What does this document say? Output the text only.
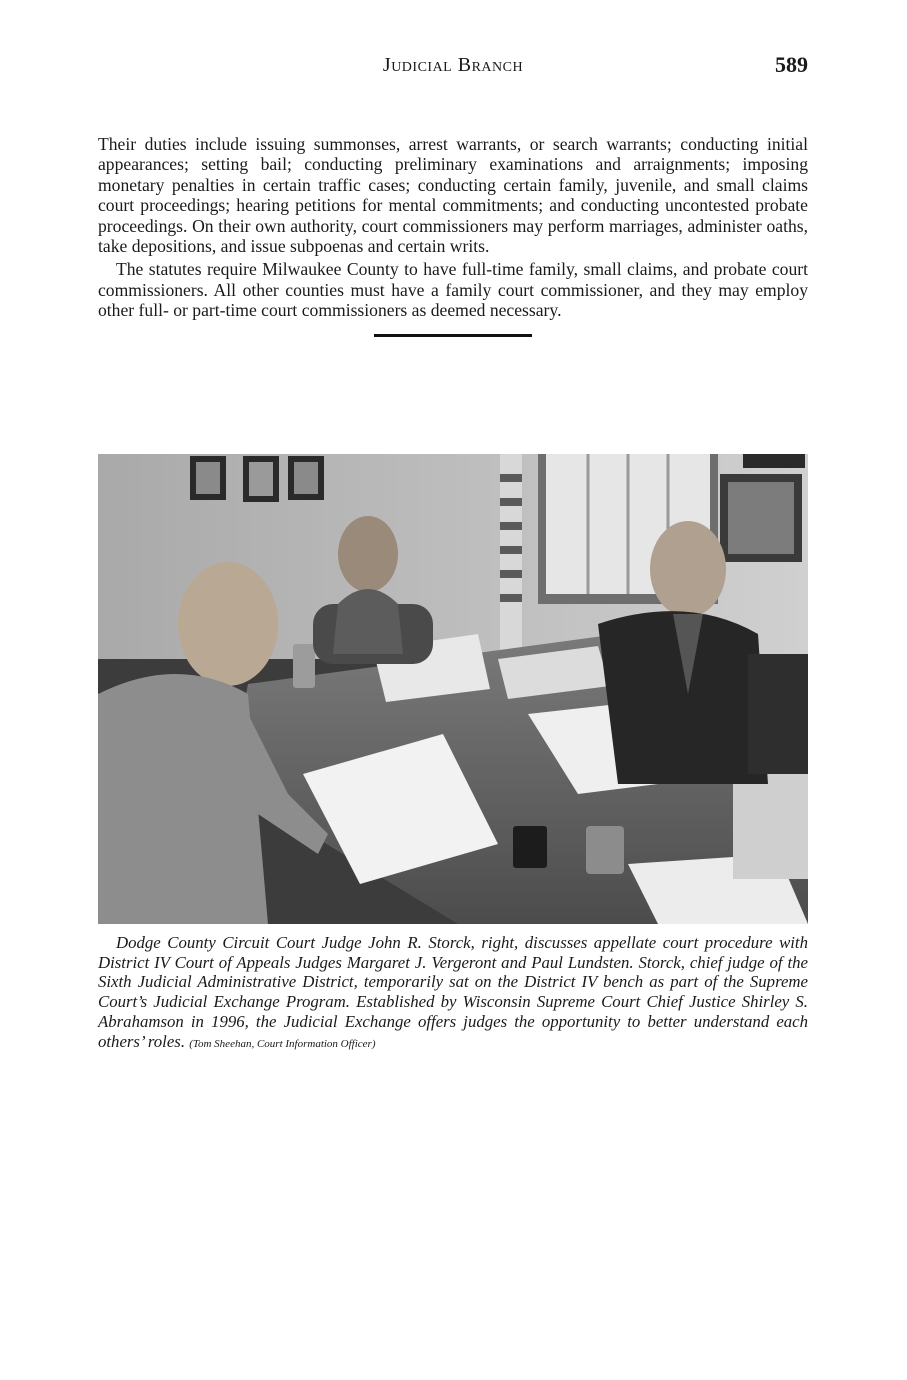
Judicial Branch	589

Their duties include issuing summonses, arrest warrants, or search warrants; conducting initial appearances; setting bail; conducting preliminary examinations and arraignments; imposing monetary penalties in certain traffic cases; conducting certain family, juvenile, and small claims court proceedings; hearing petitions for mental commitments; and conducting uncontested probate proceedings. On their own authority, court commissioners may perform marriages, administer oaths, take depositions, and issue subpoenas and certain writs.

The statutes require Milwaukee County to have full-time family, small claims, and probate court commissioners. All other counties must have a family court commissioner, and they may employ other full- or part-time court commissioners as deemed necessary.

Dodge County Circuit Court Judge John R. Storck, right, discusses appellate court procedure with District IV Court of Appeals Judges Margaret J. Vergeront and Paul Lundsten. Storck, chief judge of the Sixth Judicial Administrative District, temporarily sat on the District IV bench as part of the Supreme Court’s Judicial Exchange Program. Established by Wisconsin Supreme Court Chief Justice Shirley S. Abrahamson in 1996, the Judicial Exchange offers judges the opportunity to better understand each others’ roles. (Tom Sheehan, Court Information Officer)
